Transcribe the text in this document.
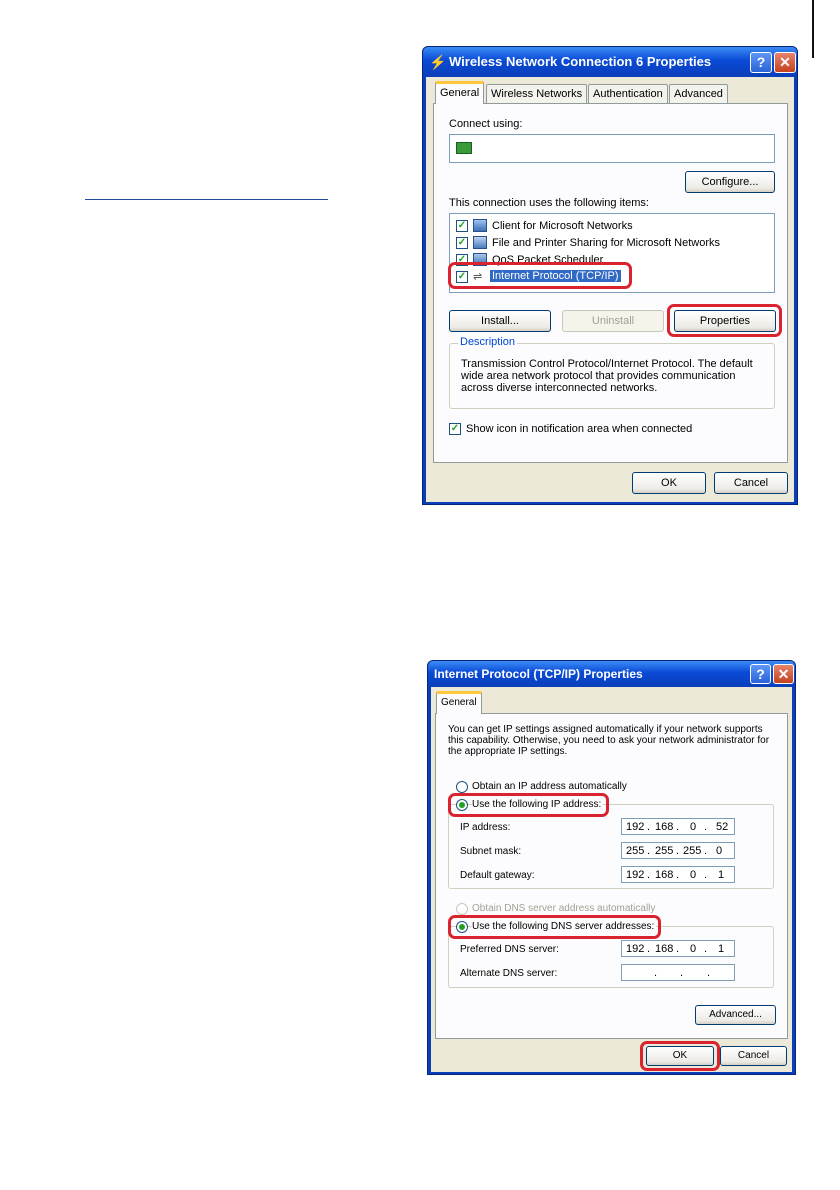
⚡ Wireless Network Connection 6 Properties	? ✕
General	Wireless Networks Authentication	Advanced
Connect using:
Configure...
This connection uses the following items:
✓ Client for Microsoft Networks
✓ File and Printer Sharing for Microsoft Networks
✓ QoS Packet Scheduler
✓ ⇌ Internet Protocol (TCP/IP)
Install...	Uninstall	Properties
Description
Transmission Control Protocol/Internet Protocol. The default
wide area network protocol that provides communication
across diverse interconnected networks.
✓ Show icon in notification area when connected
OK	Cancel
Internet Protocol (TCP/IP) Properties	? ✕
General
You can get IP settings assigned automatically if your network supports
this capability. Otherwise, you need to ask your network administrator for
the appropriate IP settings.
Obtain an IP address automatically
Use the following IP address:
IP address:	192 . 168 . 0 . 52
Subnet mask:	255 . 255 . 255 . 0
Default gateway:	192 . 168 . 0 . 1
Obtain DNS server address automatically
Use the following DNS server addresses:
Preferred DNS server:	192 . 168 . 0 . 1
Alternate DNS server:	. . .
Advanced...
OK	Cancel
